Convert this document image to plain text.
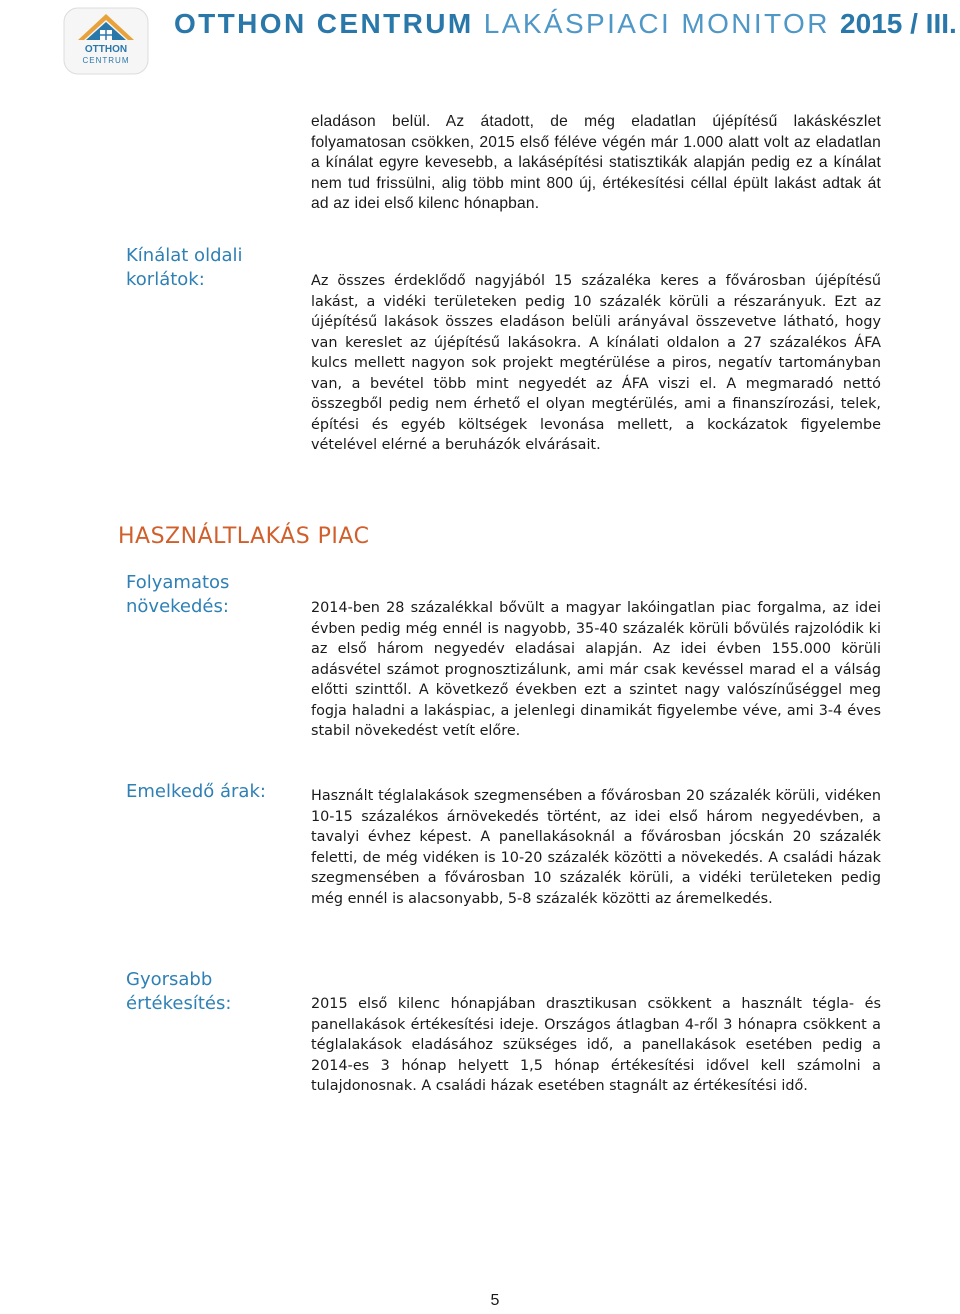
OTTHON
CENTRUM
OTTHON CENTRUM LAKÁSPIACI MONITOR 2015 / III.
eladáson belül. Az átadott, de még eladatlan újépítésű lakáskészlet folyamatosan csökken, 2015 első féléve végén már 1.000 alatt volt az eladatlan a kínálat egyre kevesebb, a lakásépítési statisztikák alapján pedig ez a kínálat nem tud frissülni, alig több mint 800 új, értékesítési céllal épült lakást adtak át ad az idei első kilenc hónapban.
Kínálat oldali korlátok:	Az összes érdeklődő nagyjából 15 százaléka keres a fővárosban újépítésű lakást, a vidéki területeken pedig 10 százalék körüli a részarányuk. Ezt az újépítésű lakások összes eladáson belüli arányával összevetve látható, hogy van kereslet az újépítésű lakásokra. A kínálati oldalon a 27 százalékos ÁFA kulcs mellett nagyon sok projekt megtérülése a piros, negatív tartományban van, a bevétel több mint negyedét az ÁFA viszi el. A megmaradó nettó összegből pedig nem érhető el olyan megtérülés, ami a finanszírozási, telek, építési és egyéb költségek levonása mellett, a kockázatok figyelembe vételével elérné a beruházók elvárásait.
HASZNÁLTLAKÁS PIAC
Folyamatos növekedés:	2014-ben 28 százalékkal bővült a magyar lakóingatlan piac forgalma, az idei évben pedig még ennél is nagyobb, 35-40 százalék körüli bővülés rajzolódik ki az első három negyedév eladásai alapján. Az idei évben 155.000 körüli adásvétel számot prognosztizálunk, ami már csak kevéssel marad el a válság előtti szinttől. A következő években ezt a szintet nagy valószínűséggel meg fogja haladni a lakáspiac, a jelenlegi dinamikát figyelembe véve, ami 3-4 éves stabil növekedést vetít előre.
Emelkedő árak:	Használt téglalakások szegmensében a fővárosban 20 százalék körüli, vidéken 10-15 százalékos árnövekedés történt, az idei első három negyedévben, a tavalyi évhez képest. A panellakásoknál a fővárosban jócskán 20 százalék feletti, de még vidéken is 10-20 százalék közötti a növekedés. A családi házak szegmensében a fővárosban 10 százalék körüli, a vidéki területeken pedig még ennél is alacsonyabb, 5-8 százalék közötti az áremelkedés.
Gyorsabb értékesítés:	2015 első kilenc hónapjában drasztikusan csökkent a használt tégla- és panellakások értékesítési ideje. Országos átlagban 4-ről 3 hónapra csökkent a téglalakások eladásához szükséges idő, a panellakások esetében pedig a 2014-es 3 hónap helyett 1,5 hónap értékesítési idővel kell számolni a tulajdonosnak. A családi házak esetében stagnált az értékesítési idő.
5
